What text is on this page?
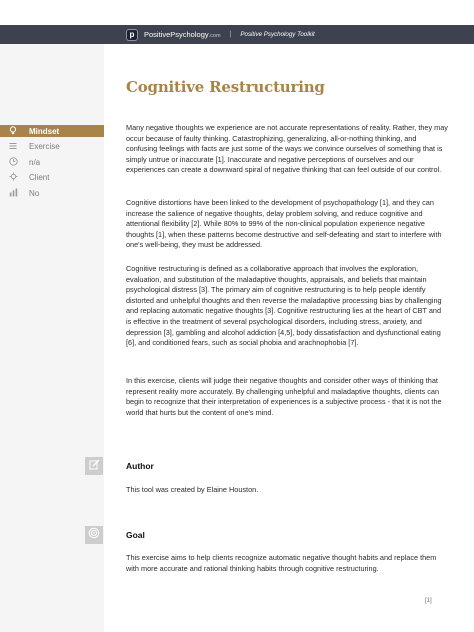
p PositivePsychology.com | Positive Psychology Toolkit
Mindset
Exercise
n/a
Client
No
Cognitive Restructuring

Many negative thoughts we experience are not accurate representations of reality. Rather, they may occur because of faulty thinking. Catastrophizing, generalizing, all-or-nothing thinking, and confusing feelings with facts are just some of the ways we convince ourselves of something that is simply untrue or inaccurate [1]. Inaccurate and negative perceptions of ourselves and our experiences can create a downward spiral of negative thinking that can feel outside of our control.

Cognitive distortions have been linked to the development of psychopathology [1], and they can increase the salience of negative thoughts, delay problem solving, and reduce cognitive and attentional flexibility [2]. While 80% to 99% of the non-clinical population experience negative thoughts [1], when these patterns become destructive and self-defeating and start to interfere with one's well-being, they must be addressed.

Cognitive restructuring is defined as a collaborative approach that involves the exploration, evaluation, and substitution of the maladaptive thoughts, appraisals, and beliefs that maintain psychological distress [3]. The primary aim of cognitive restructuring is to help people identify distorted and unhelpful thoughts and then reverse the maladaptive processing bias by challenging and replacing automatic negative thoughts [3]. Cognitive restructuring lies at the heart of CBT and is effective in the treatment of several psychological disorders, including stress, anxiety, and depression [3], gambling and alcohol addiction [4,5], body dissatisfaction and dysfunctional eating [6], and conditioned fears, such as social phobia and arachnophobia [7].

In this exercise, clients will judge their negative thoughts and consider other ways of thinking that represent reality more accurately. By challenging unhelpful and maladaptive thoughts, clients can begin to recognize that their interpretation of experiences is a subjective process - that it is not the world that hurts but the content of one's mind.

Author

This tool was created by Elaine Houston.

Goal

This exercise aims to help clients recognize automatic negative thought habits and replace them with more accurate and rational thinking habits through cognitive restructuring.

[1]
